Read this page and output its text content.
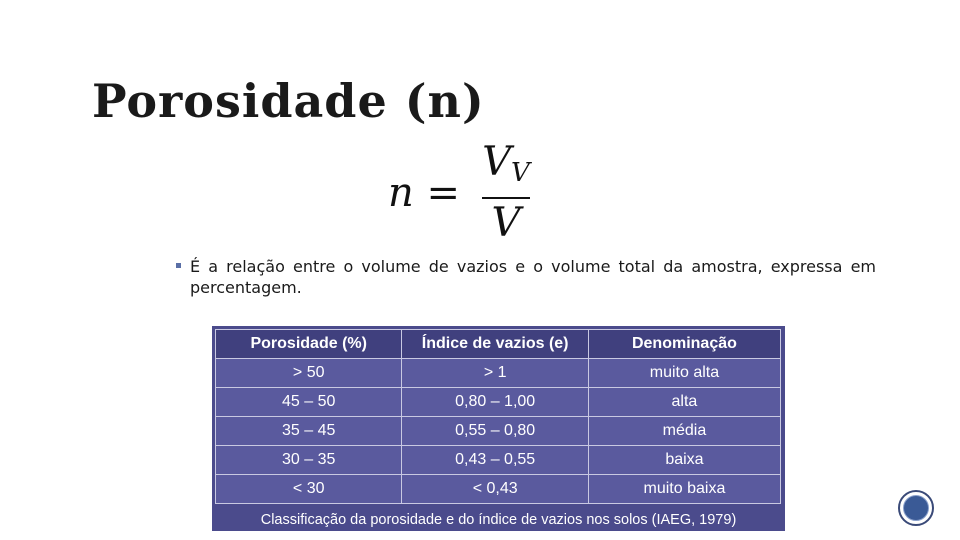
Porosidade (n)
$n = \frac{V_V}{V}$
É a relação entre o volume de vazios e o volume total da amostra, expressa em percentagem.
Porosidade (%)	Índice de vazios (e)	Denominação
> 50	> 1	muito alta
45 – 50	0,80 – 1,00	alta
35 – 45	0,55 – 0,80	média
30 – 35	0,43 – 0,55	baixa
< 30	< 0,43	muito baixa
Classificação da porosidade e do índice de vazios nos solos (IAEG, 1979)
